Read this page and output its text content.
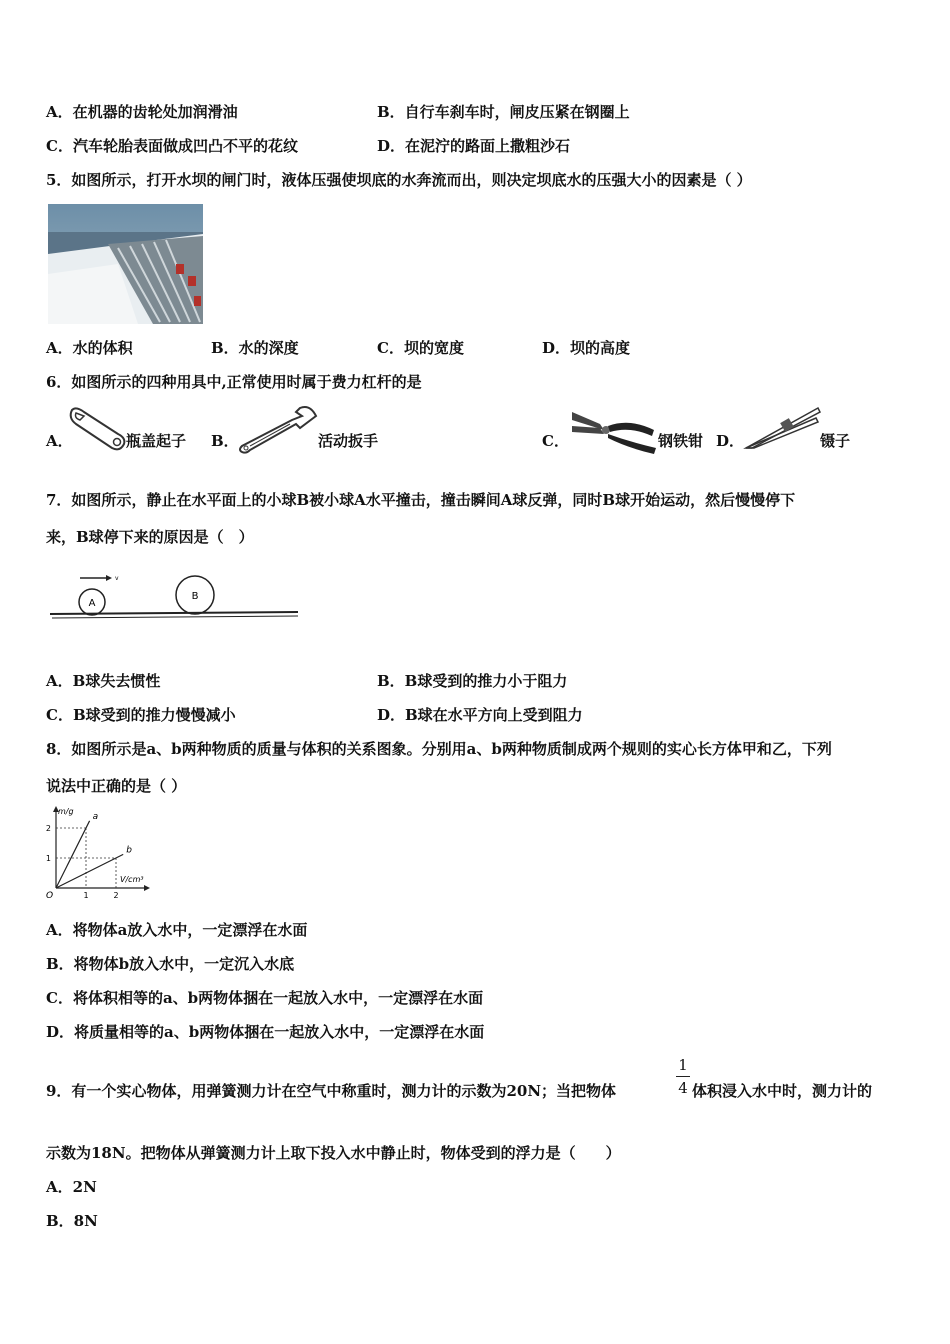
A．在机器的齿轮处加润滑油	B．自行车刹车时，闸皮压紧在钢圈上
C．汽车轮胎表面做成凹凸不平的花纹	D．在泥泞的路面上撒粗沙石
5．如图所示，打开水坝的闸门时，液体压强使坝底的水奔流而出，则决定坝底水的压强大小的因素是（ ）
A．水的体积	B．水的深度	C．坝的宽度	D．坝的高度
6．如图所示的四种用具中,正常使用时属于费力杠杆的是
A．	瓶盖起子 B．	活动扳手	C．	钢铁钳 D．	镊子
7．如图所示，静止在水平面上的小球B被小球A水平撞击，撞击瞬间A球反弹，同时B球开始运动，然后慢慢停下
来，B球停下来的原因是（　）
A
B
v
A．B球失去惯性	B．B球受到的推力小于阻力
C．B球受到的推力慢慢减小	D．B球在水平方向上受到阻力
8．如图所示是a、b两种物质的质量与体积的关系图象。分别用a、b两种物质制成两个规则的实心长方体甲和乙，下列
说法中正确的是（ ）
m/g
V/cm³
O	1	2
1
2
a
b
A．将物体a放入水中，一定漂浮在水面
B．将物体b放入水中，一定沉入水底
C．将体积相等的a、b两物体捆在一起放入水中，一定漂浮在水面
D．将质量相等的a、b两物体捆在一起放入水中，一定漂浮在水面
9．有一个实心物体，用弹簧测力计在空气中称重时，测力计的示数为20N；当把物体
1
4 体积浸入水中时，测力计的
示数为18N。把物体从弹簧测力计上取下投入水中静止时，物体受到的浮力是（　　）
A．2N
B．8N
